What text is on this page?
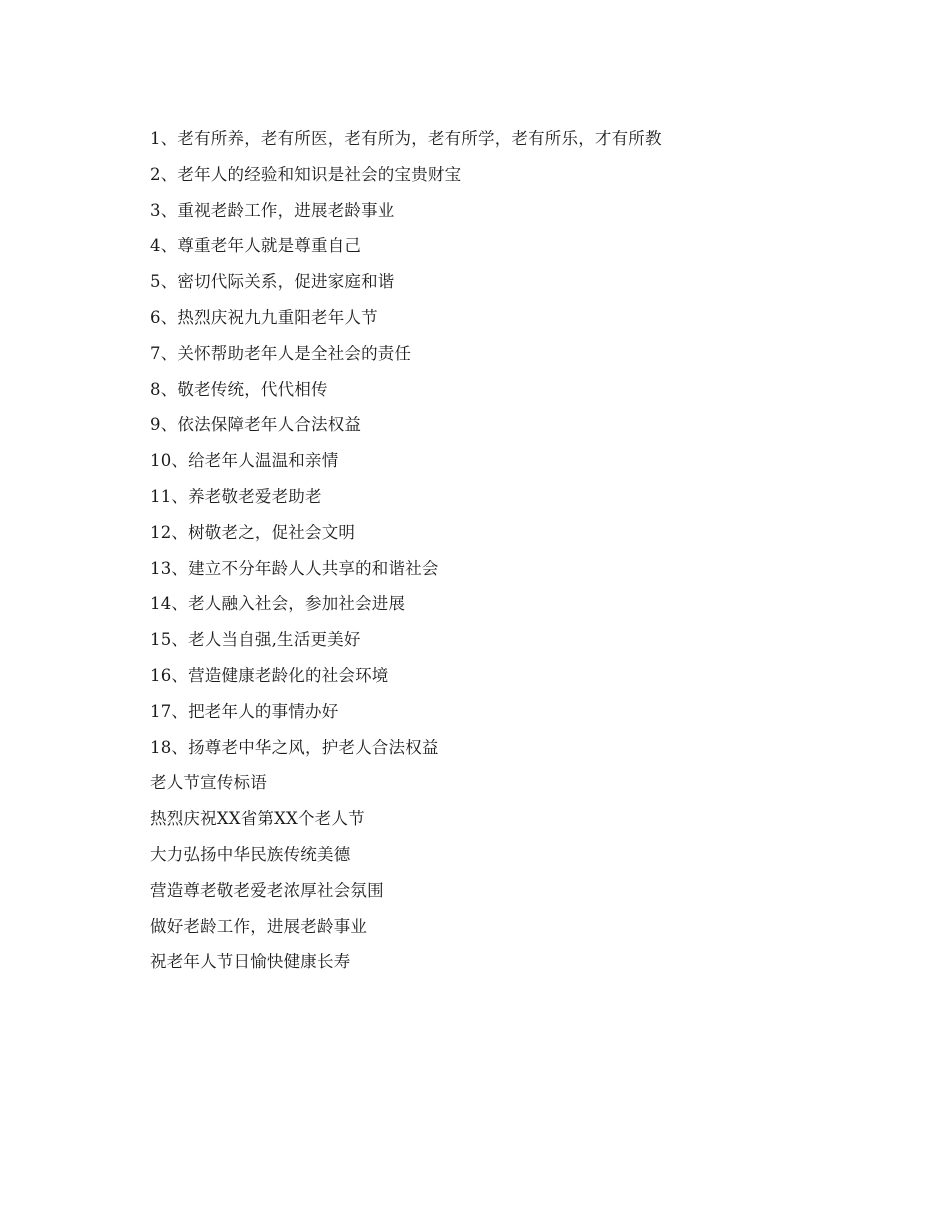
1、老有所养，老有所医，老有所为，老有所学，老有所乐，才有所教
2、老年人的经验和知识是社会的宝贵财宝
3、重视老龄工作，进展老龄事业
4、尊重老年人就是尊重自己
5、密切代际关系，促进家庭和谐
6、热烈庆祝九九重阳老年人节
7、关怀帮助老年人是全社会的责任
8、敬老传统，代代相传
9、依法保障老年人合法权益
10、给老年人温温和亲情
11、养老敬老爱老助老
12、树敬老之，促社会文明
13、建立不分年龄人人共享的和谐社会
14、老人融入社会，参加社会进展
15、老人当自强,生活更美好
16、营造健康老龄化的社会环境
17、把老年人的事情办好
18、扬尊老中华之风，护老人合法权益
老人节宣传标语
热烈庆祝XX省第XX个老人节
大力弘扬中华民族传统美德
营造尊老敬老爱老浓厚社会氛围
做好老龄工作，进展老龄事业
祝老年人节日愉快健康长寿
